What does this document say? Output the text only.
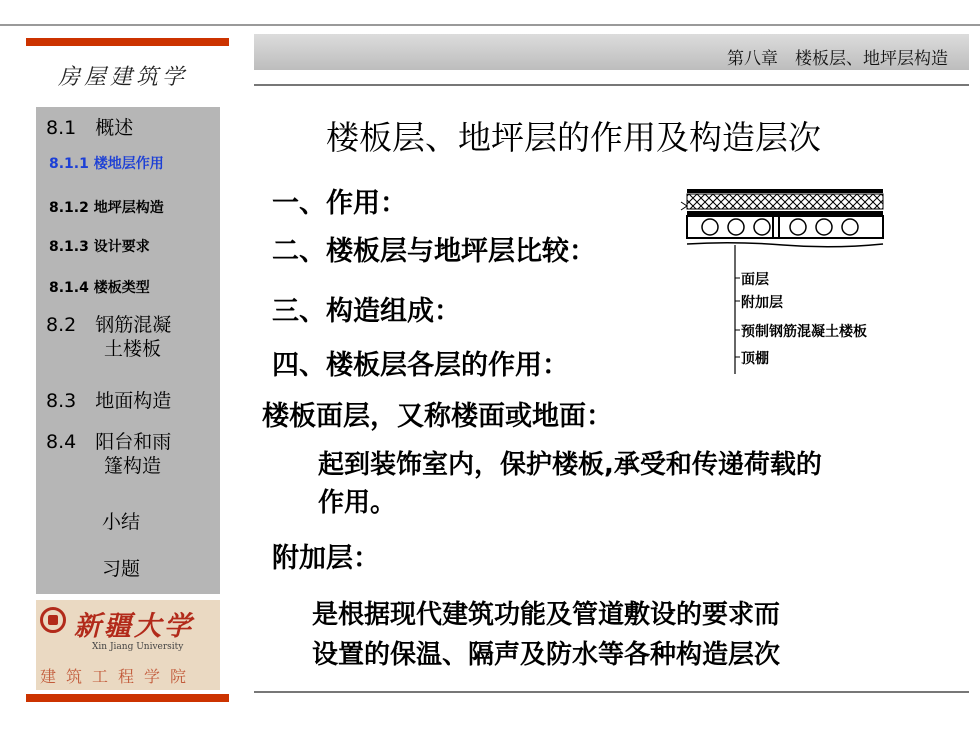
第八章　楼板层、地坪层构造
房屋建筑学
8.1　概述
8.1.1 楼地层作用
8.1.2 地坪层构造
8.1.3 设计要求
8.1.4 楼板类型
8.2　钢筋混凝
土楼板
8.3　地面构造
8.4　阳台和雨
篷构造
小结
习题
新疆大学
Xin Jiang University
建筑工程学院
楼板层、地坪层的作用及构造层次
一、作用：
二、楼板层与地坪层比较：
三、构造组成：
四、楼板层各层的作用：
楼板面层，又称楼面或地面：
起到装饰室内，保护楼板,承受和传递荷载的
作用。
附加层：
是根据现代建筑功能及管道敷设的要求而
设置的保温、隔声及防水等各种构造层次
面层
附加层
预制钢筋混凝土楼板
顶棚
